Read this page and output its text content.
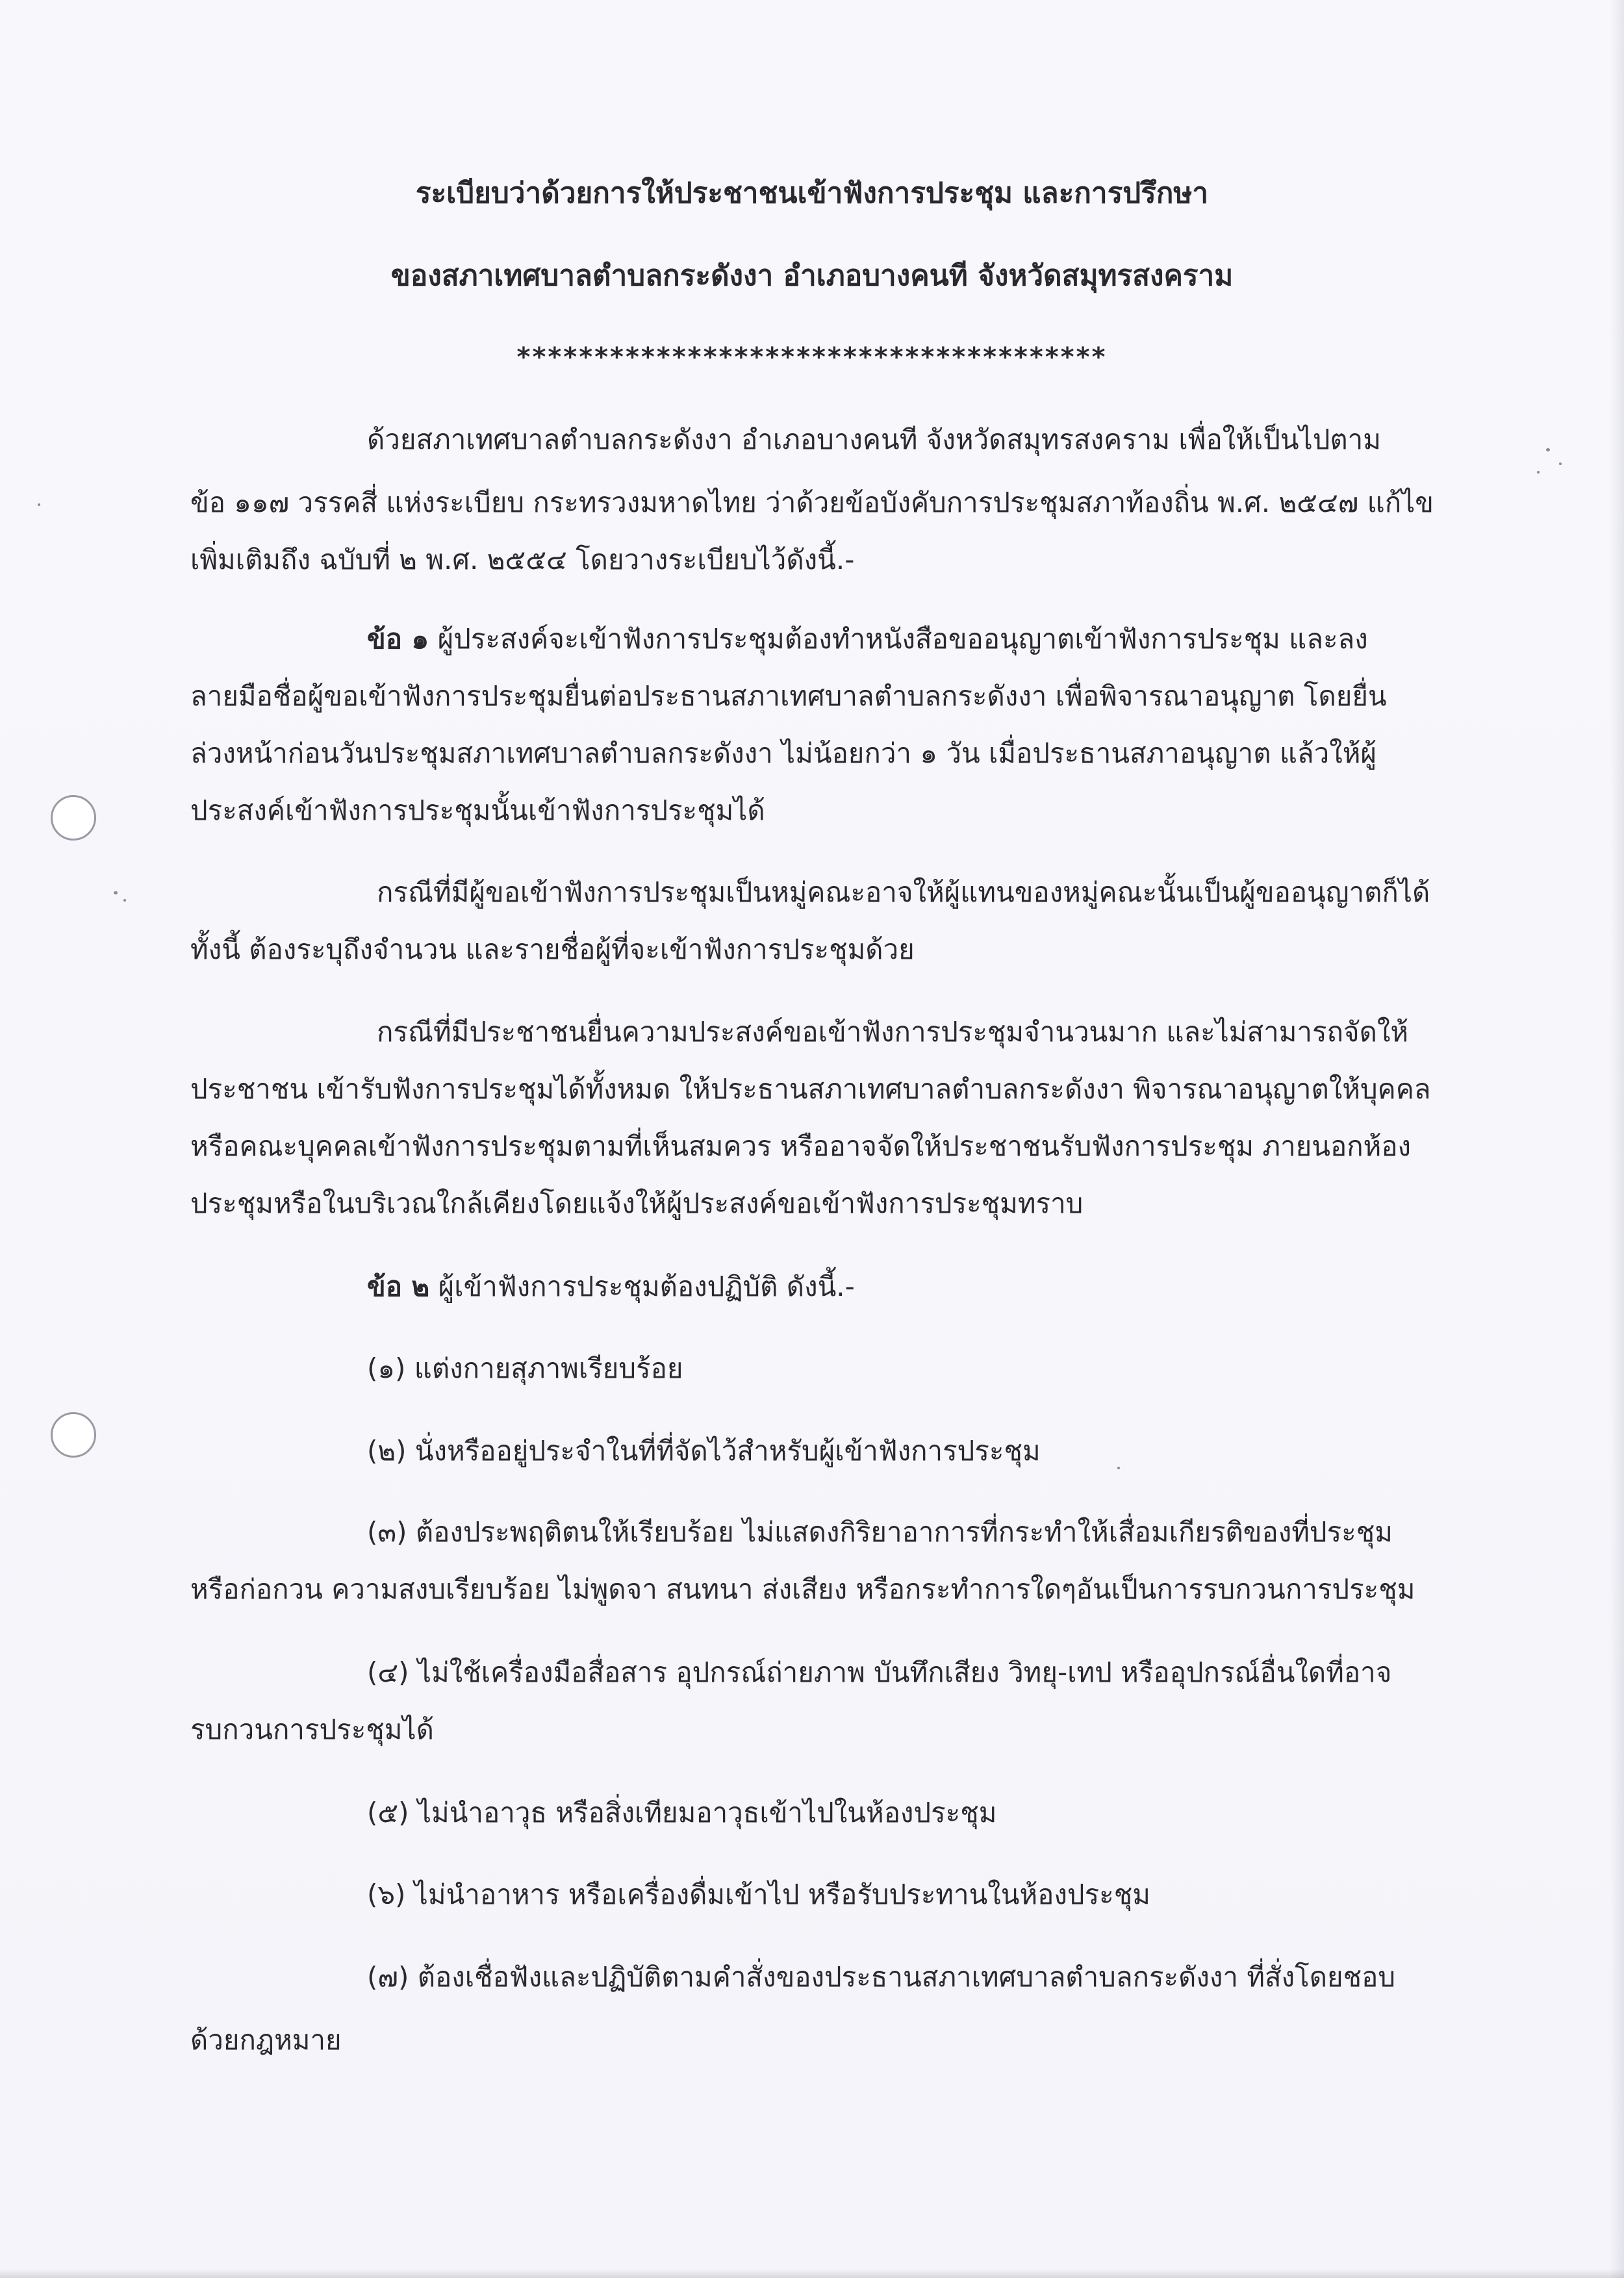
ระเบียบว่าด้วยการให้ประชาชนเข้าฟังการประชุม และการปรึกษา
ของสภาเทศบาลตำบลกระดังงา อำเภอบางคนที จังหวัดสมุทรสงคราม
**************************************
ด้วยสภาเทศบาลตำบลกระดังงา อำเภอบางคนที จังหวัดสมุทรสงคราม เพื่อให้เป็นไปตาม
ข้อ ๑๑๗ วรรคสี่ แห่งระเบียบ กระทรวงมหาดไทย ว่าด้วยข้อบังคับการประชุมสภาท้องถิ่น พ.ศ. ๒๕๔๗ แก้ไข
เพิ่มเติมถึง ฉบับที่ ๒ พ.ศ. ๒๕๕๔ โดยวางระเบียบไว้ดังนี้.-
ข้อ ๑ ผู้ประสงค์จะเข้าฟังการประชุมต้องทำหนังสือขออนุญาตเข้าฟังการประชุม และลง
ลายมือชื่อผู้ขอเข้าฟังการประชุมยื่นต่อประธานสภาเทศบาลตำบลกระดังงา เพื่อพิจารณาอนุญาต โดยยื่น
ล่วงหน้าก่อนวันประชุมสภาเทศบาลตำบลกระดังงา ไม่น้อยกว่า ๑ วัน เมื่อประธานสภาอนุญาต แล้วให้ผู้
ประสงค์เข้าฟังการประชุมนั้นเข้าฟังการประชุมได้
กรณีที่มีผู้ขอเข้าฟังการประชุมเป็นหมู่คณะอาจให้ผู้แทนของหมู่คณะนั้นเป็นผู้ขออนุญาตก็ได้
ทั้งนี้ ต้องระบุถึงจำนวน และรายชื่อผู้ที่จะเข้าฟังการประชุมด้วย
กรณีที่มีประชาชนยื่นความประสงค์ขอเข้าฟังการประชุมจำนวนมาก และไม่สามารถจัดให้
ประชาชน เข้ารับฟังการประชุมได้ทั้งหมด ให้ประธานสภาเทศบาลตำบลกระดังงา พิจารณาอนุญาตให้บุคคล
หรือคณะบุคคลเข้าฟังการประชุมตามที่เห็นสมควร หรืออาจจัดให้ประชาชนรับฟังการประชุม ภายนอกห้อง
ประชุมหรือในบริเวณใกล้เคียงโดยแจ้งให้ผู้ประสงค์ขอเข้าฟังการประชุมทราบ
ข้อ ๒ ผู้เข้าฟังการประชุมต้องปฏิบัติ ดังนี้.-
(๑) แต่งกายสุภาพเรียบร้อย
(๒) นั่งหรืออยู่ประจำในที่ที่จัดไว้สำหรับผู้เข้าฟังการประชุม
(๓) ต้องประพฤติตนให้เรียบร้อย ไม่แสดงกิริยาอาการที่กระทำให้เสื่อมเกียรติของที่ประชุม
หรือก่อกวน ความสงบเรียบร้อย ไม่พูดจา สนทนา ส่งเสียง หรือกระทำการใดๆอันเป็นการรบกวนการประชุม
(๔) ไม่ใช้เครื่องมือสื่อสาร อุปกรณ์ถ่ายภาพ บันทึกเสียง วิทยุ-เทป หรืออุปกรณ์อื่นใดที่อาจ
รบกวนการประชุมได้
(๕) ไม่นำอาวุธ หรือสิ่งเทียมอาวุธเข้าไปในห้องประชุม
(๖) ไม่นำอาหาร หรือเครื่องดื่มเข้าไป หรือรับประทานในห้องประชุม
(๗) ต้องเชื่อฟังและปฏิบัติตามคำสั่งของประธานสภาเทศบาลตำบลกระดังงา ที่สั่งโดยชอบ
ด้วยกฎหมาย
